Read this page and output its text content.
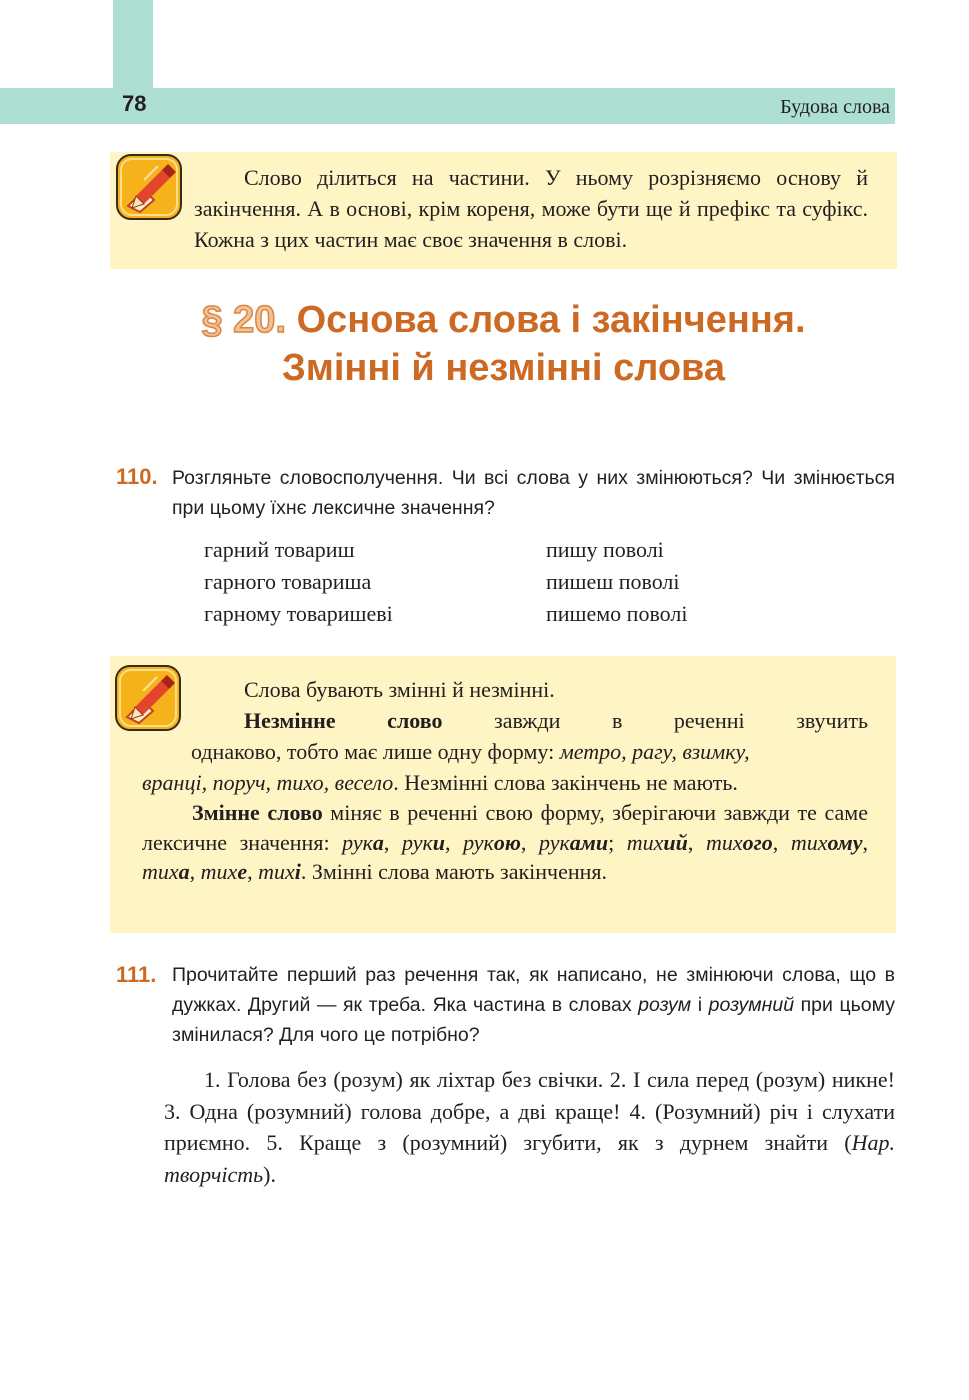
78	Будова слова

Слово ділиться на частини. У ньому розрізняємо основу й закінчення. А в основі, крім кореня, може бути ще й префікс та суфікс. Кожна з цих частин має своє значення в слові.

§ 20. Основа слова і закінчення.
Змінні й незмінні слова
110. Розгляньте словосполучення. Чи всі слова у них змінюються? Чи змінюється при цьому їхнє лексичне значення?

гарний товариш
гарного товариша
гарному товаришеві
пишу поволі
пишеш поволі
пишемо поволі
Слова бувають змінні й незмінні.

Незмінне слово завжди в реченні звучить

однаково, тобто має лише одну форму: метро, рагу, взимку,

вранці, поруч, тихо, весело. Незмінні слова закінчень не мають.

Змінне слово міняє в реченні свою форму, зберігаючи завжди те саме лексичне значення: рука, руки, рукою, руками; тихий, тихого, тихому, тиха, тихе, тихі. Змінні слова мають закінчення.

111. Прочитайте перший раз речення так, як написано, не змінюючи слова, що в дужках. Другий — як треба. Яка частина в словах розум і розумний при цьому змінилася? Для чого це потрібно?

1. Голова без (розум) як ліхтар без свічки. 2. І сила перед (розум) никне! 3. Одна (розумний) голова добре, а дві краще! 4. (Розумний) річ і слухати приємно. 5. Краще з (розумний) згубити, як з дурнем знайти (Нар. творчість).
